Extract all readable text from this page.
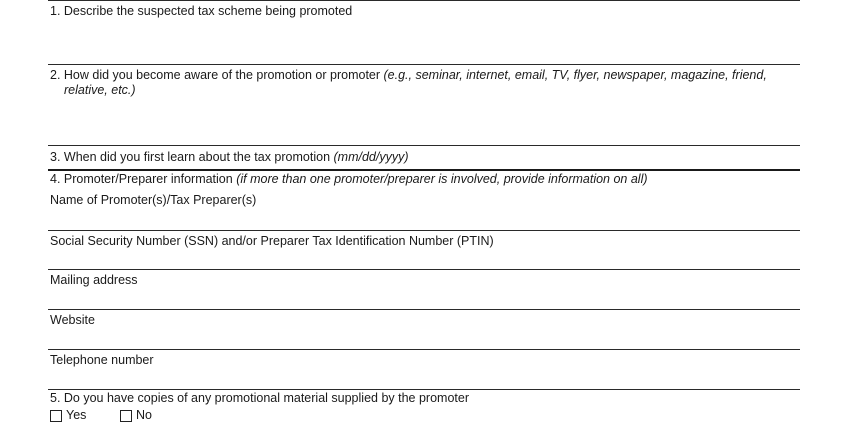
1. Describe the suspected tax scheme being promoted
2. How did you become aware of the promotion or promoter (e.g., seminar, internet, email, TV, flyer, newspaper, magazine, friend,
relative, etc.)
3. When did you first learn about the tax promotion (mm/dd/yyyy)
4. Promoter/Preparer information (if more than one promoter/preparer is involved, provide information on all)
Name of Promoter(s)/Tax Preparer(s)
Social Security Number (SSN) and/or Preparer Tax Identification Number (PTIN)
Mailing address
Website
Telephone number
5. Do you have copies of any promotional material supplied by the promoter
Yes	No
